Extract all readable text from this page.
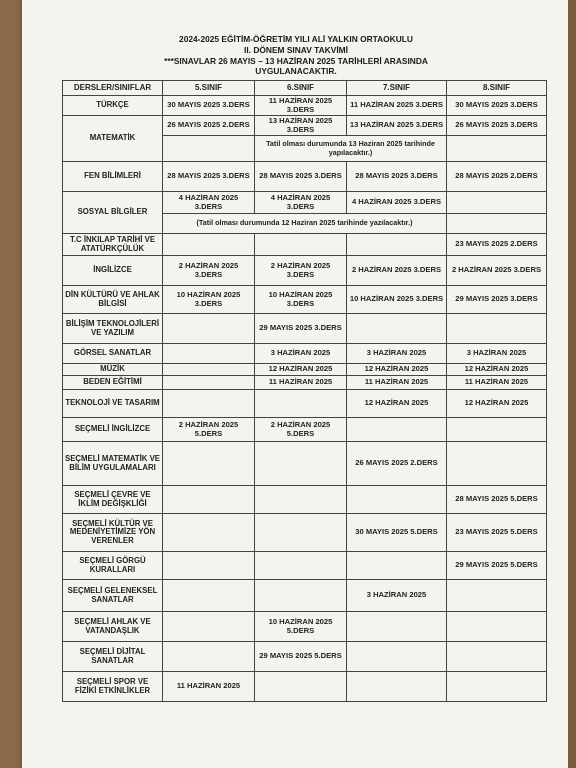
2024-2025 EĞİTİM-ÖĞRETİM YILI ALİ YALKIN ORTAOKULU
II. DÖNEM SINAV TAKVİMİ
***SINAVLAR 26 MAYIS – 13 HAZİRAN 2025 TARİHLERİ ARASINDA
UYGULANACAKTIR.
DERSLER/SINIFLAR	5.SINIF	6.SINIF	7.SINIF	8.SINIF
TÜRKÇE	30 MAYIS 2025 3.DERS	11 HAZİRAN 2025 3.DERS	11 HAZİRAN 2025 3.DERS	30 MAYIS 2025 3.DERS
MATEMATİK	26 MAYIS 2025 2.DERS	13 HAZİRAN 2025 3.DERS	13 HAZİRAN 2025 3.DERS	26 MAYIS 2025 3.DERS
		Tatil olması durumunda 13 Haziran 2025 tarihinde yapılacaktır.)		
FEN BİLİMLERİ	28 MAYIS 2025 3.DERS	28 MAYIS 2025 3.DERS	28 MAYIS 2025 3.DERS	28 MAYIS 2025 2.DERS
SOSYAL BİLGİLER	4 HAZİRAN 2025 3.DERS	4 HAZİRAN 2025 3.DERS	4 HAZİRAN 2025 3.DERS	
	(Tatil olması durumunda 12 Haziran 2025 tarihinde yazılacaktır.)			
T.C İNKILAP TARİHİ VE ATATÜRKÇÜLÜK				23 MAYIS 2025 2.DERS
İNGİLİZCE	2 HAZİRAN 2025 3.DERS	2 HAZİRAN 2025 3.DERS	2 HAZİRAN 2025 3.DERS	2 HAZİRAN 2025 3.DERS
DİN KÜLTÜRÜ VE AHLAK BİLGİSİ	10 HAZİRAN 2025 3.DERS	10 HAZİRAN 2025 3.DERS	10 HAZİRAN 2025 3.DERS	29 MAYIS 2025 3.DERS
BİLİŞİM TEKNOLOJİLERİ VE YAZILIM		29 MAYIS 2025 3.DERS		
GÖRSEL SANATLAR		3 HAZİRAN 2025	3 HAZİRAN 2025	3 HAZİRAN 2025
MÜZİK		12 HAZİRAN 2025	12 HAZİRAN 2025	12 HAZİRAN 2025
BEDEN EĞİTİMİ		11 HAZİRAN 2025	11 HAZİRAN 2025	11 HAZİRAN 2025
TEKNOLOJİ VE TASARIM			12 HAZİRAN 2025	12 HAZİRAN 2025
SEÇMELİ İNGİLİZCE	2 HAZİRAN 2025 5.DERS	2 HAZİRAN 2025 5.DERS		
SEÇMELİ MATEMATİK VE BİLİM UYGULAMALARI			26 MAYIS 2025 2.DERS	
SEÇMELİ ÇEVRE VE İKLİM DEĞİŞKLİĞİ				28 MAYIS 2025 5.DERS
SEÇMELİ KÜLTÜR VE MEDENİYETİMİZE YÖN VERENLER			30 MAYIS 2025 5.DERS	23 MAYIS 2025 5.DERS
SEÇMELİ GÖRGÜ KURALLARI				29 MAYIS 2025 5.DERS
SEÇMELİ GELENEKSEL SANATLAR			3 HAZİRAN 2025	
SEÇMELİ AHLAK VE VATANDAŞLIK		10 HAZİRAN 2025 5.DERS		
SEÇMELİ DİJİTAL SANATLAR		29 MAYIS 2025 5.DERS		
SEÇMELİ SPOR VE FİZİKİ ETKİNLİKLER	11 HAZİRAN 2025			
